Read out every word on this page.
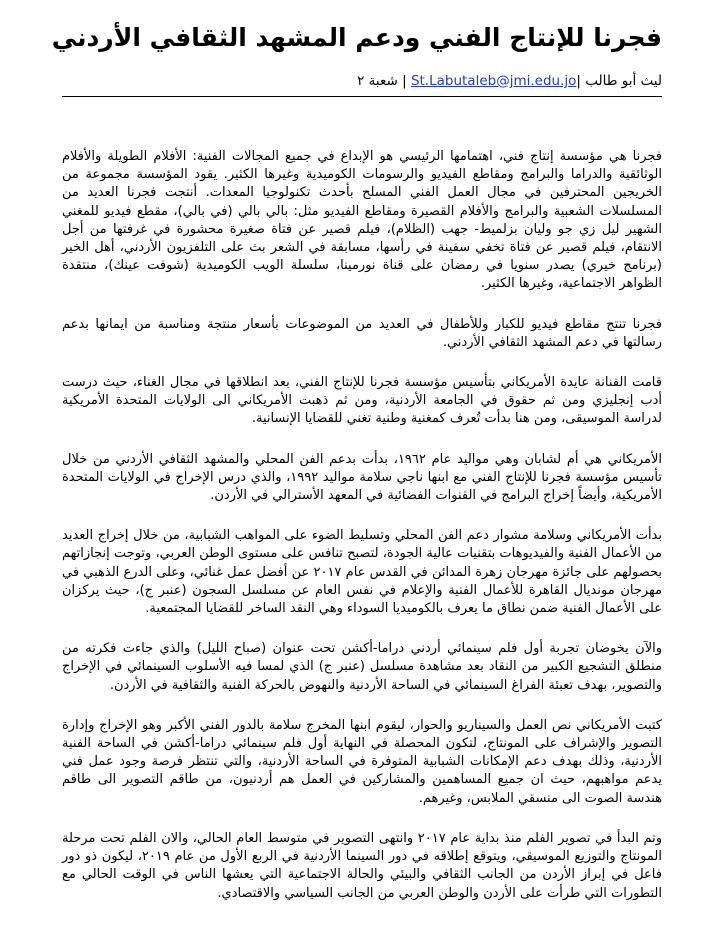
فجرنا للإنتاج الفني ودعم المشهد الثقافي الأردني
ليث أبو طالب |St.Labutaleb@jmi.edu.jo | شعبة ٢

فجرنا هي مؤسسة إنتاج فني، اهتمامها الرئيسي هو الإبداع في جميع المجالات الفنية: الأفلام الطويلة والأفلام الوثائقية والدراما والبرامج ومقاطع الفيديو والرسومات الكوميدية وغيرها الكثير. يقود المؤسسة مجموعة من الخريجين المحترفين في مجال العمل الفني المسلح بأحدث تكنولوجيا المعدات. أنتجت فجرنا العديد من المسلسلات الشعبية والبرامج والأفلام القصيرة ومقاطع الفيديو مثل: بالي بالي (في بالي)، مقطع فيديو للمغني الشهير ليل زي جو وليان بزلميط- جهب (الظلام)، فيلم قصير عن فتاة صغيرة محشورة في غرفتها من أجل الانتقام، فيلم قصير عن فتاة تخفي سفينة في رأسها، مسابقة في الشعر بث على التلفزيون الأردني، أهل الخير (برنامج خيري) يصدر سنويا في رمضان على قناة نورمينا، سلسلة الويب الكوميدية (شوفت عينك)، منتقدة الظواهر الاجتماعية، وغيرها الكثير.

فجرنا تنتج مقاطع فيديو للكبار وللأطفال في العديد من الموضوعات بأسعار منتجة ومناسبة من ايمانها بدعم رسالتها في دعم المشهد الثقافي الأردني.

قامت الفنانة عايدة الأمريكاني بتأسيس مؤسسة فجرنا للإنتاج الفني، بعد انطلاقها في مجال الغناء، حيث درست أدب إنجليزي ومن ثم حقوق في الجامعة الأردنية، ومن ثم ذهبت الأمريكاني الى الولايات المتحدة الأمريكية لدراسة الموسيقى، ومن هنا بدأت تُعرف كمغنية وطنية تغني للقضايا الإنسانية.

الأمريكاني هي أم لشابان وهي مواليد عام ١٩٦٢، بدأت بدعم الفن المحلي والمشهد الثقافي الأردني من خلال تأسيس مؤسسة فجرنا للإنتاج الفني مع ابنها ناجي سلامة مواليد ١٩٩٢، والذي درس الإخراج في الولايات المتحدة الأمريكية، وأيضاً إخراج البرامج في القنوات الفضائية في المعهد الأسترالي في الأردن.

بدأت الأمريكاني وسلامة مشوار دعم الفن المحلي وتسليط الضوء على المواهب الشبابية، من خلال إخراج العديد من الأعمال الفنية والفيديوهات بتقنيات عالية الجودة، لتصبح تنافس على مستوى الوطن العربي، وتوجت إنجازاتهم بحصولهم على جائزة مهرجان زهرة المدائن في القدس عام ٢٠١٧ عن أفضل عمل غنائي، وعلى الدرع الذهبي في مهرجان مونديال القاهرة للأعمال الفنية والإعلام في نفس العام عن مسلسل السجون (عنبر ج)، حيث يركزان على الأعمال الفنية ضمن نطاق ما يعرف بالكوميديا السوداء وهي النقد الساخر للقضايا المجتمعية.

والآن يخوضان تجربة أول فلم سينمائي أردني دراما-أكشن تحت عنوان (صباح الليل) والذي جاءت فكرته من منطلق التشجيع الكبير من النقاد بعد مشاهدة مسلسل (عنبر ج) الذي لمسا فيه الأسلوب السينمائي في الإخراج والتصوير، بهدف تعبئة الفراغ السينمائي في الساحة الأردنية والنهوض بالحركة الفنية والثقافية في الأردن.

كتبت الأمريكاني نص العمل والسيناريو والحوار، ليقوم ابنها المخرج سلامة بالدور الفني الأكبر وهو الإخراج وإدارة التصوير والإشراف على المونتاج، لتكون المحصلة في النهاية أول فلم سينمائي دراما-أكشن في الساحة الفنية الأردنية، وذلك بهدف دعم الإمكانات الشبابية المتوفرة في الساحة الأردنية، والتي تنتظر فرصة وجود عمل فني يدعم مواهبهم، حيث ان جميع المساهمين والمشاركين في العمل هم أردنيون، من طاقم التصوير الى طاقم هندسة الصوت الى منسقي الملابس، وغيرهم.

وتم البدأ في تصوير الفلم منذ بداية عام ٢٠١٧ وانتهى التصوير في متوسط العام الحالي، والان الفلم تحت مرحلة المونتاج والتوزيع الموسيقي، ويتوقع إطلاقه في دور السينما الأردنية في الربع الأول من عام ٢٠١٩، ليكون ذو دور فاعل في إبراز الأردن من الجانب الثقافي والبيئي والحالة الاجتماعية التي يعشها الناس في الوقت الحالي مع التطورات التي طرأت على الأردن والوطن العربي من الجانب السياسي والاقتصادي.
